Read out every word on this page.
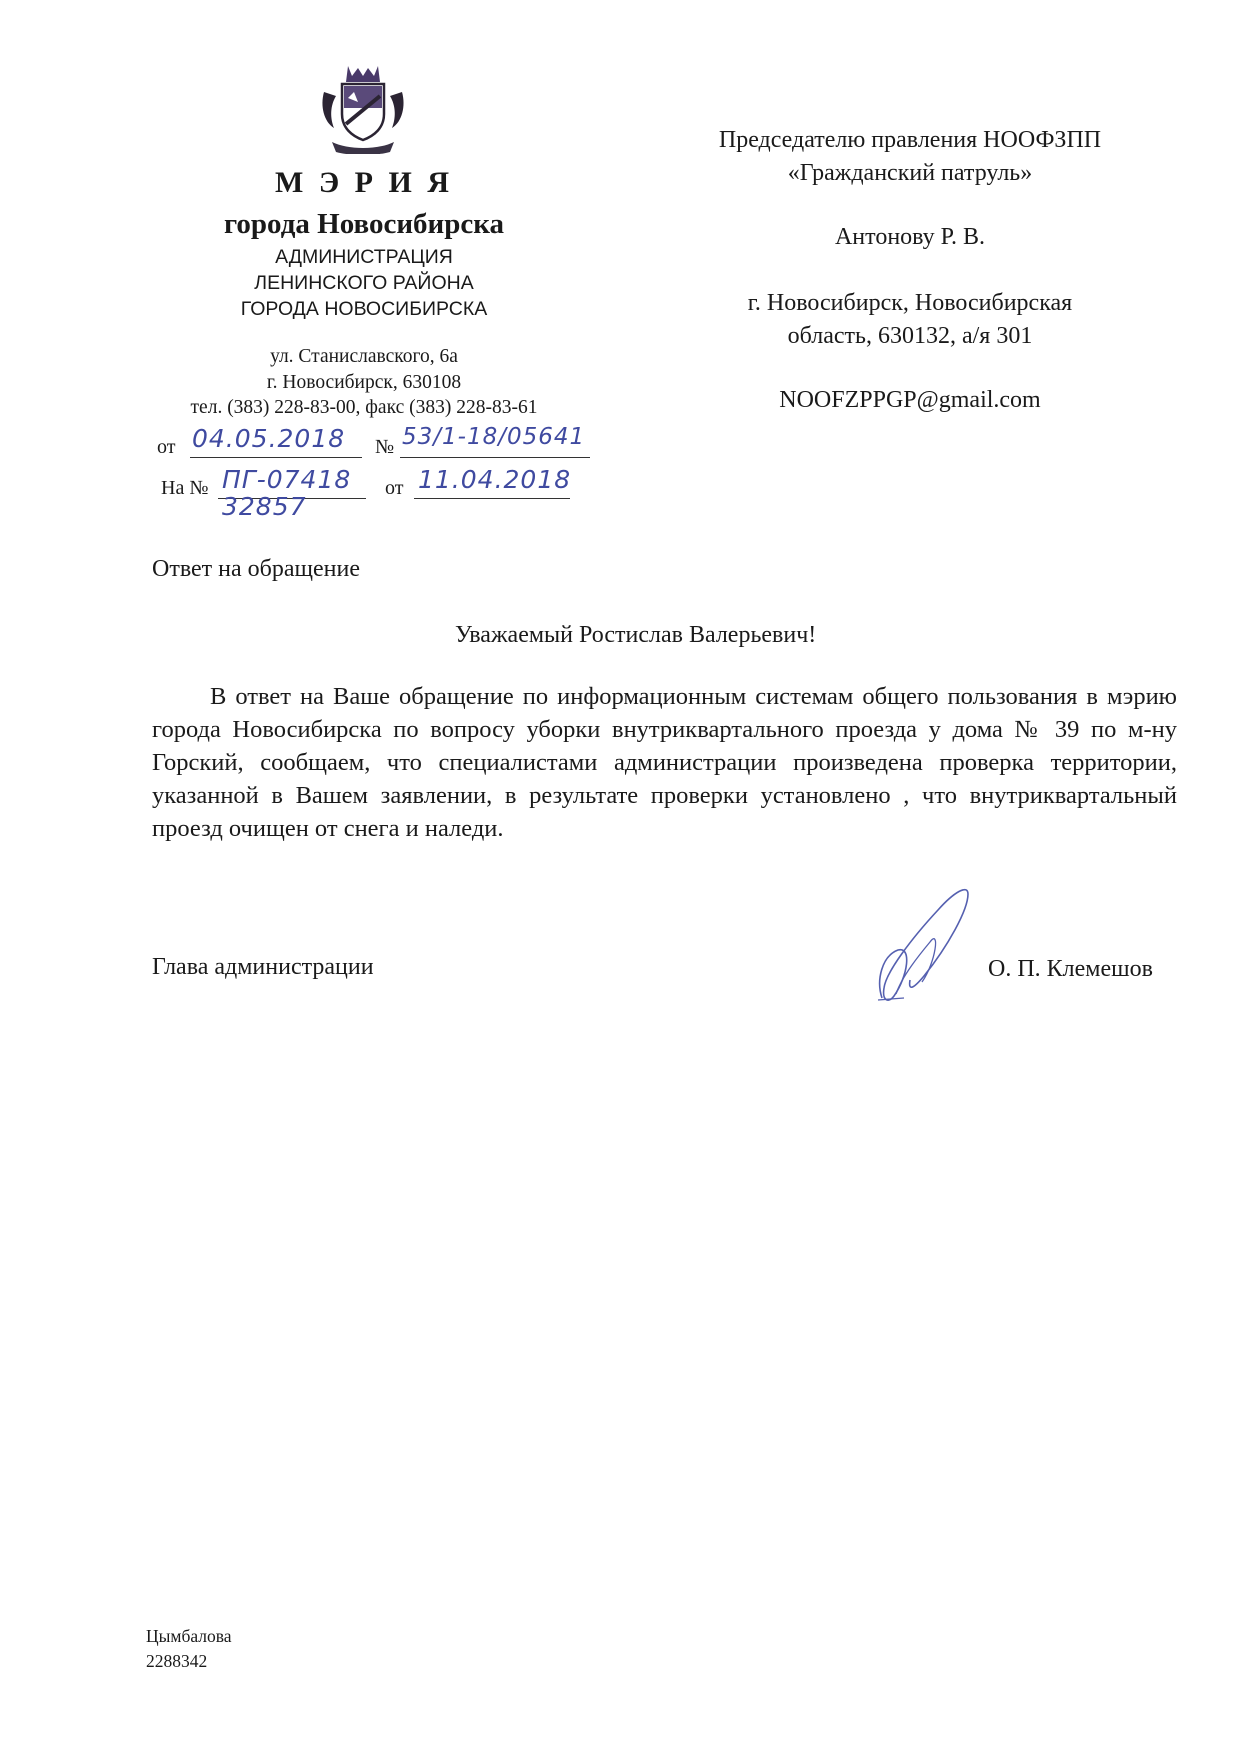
М Э Р И Я
города Новосибирска
АДМИНИСТРАЦИЯ
ЛЕНИНСКОГО РАЙОНА
ГОРОДА НОВОСИБИРСКА
ул. Станиславского, 6а
г. Новосибирск, 630108
тел. (383) 228-83-00, факс (383) 228-83-61
от 04.05.2018 № 53/1-18/05641
На № ПГ-07418
32857
от 11.04.2018
Председателю правления НООФЗПП
«Гражданский патруль»
Антонову Р. В.
г. Новосибирск, Новосибирская
область, 630132, а/я 301
NOOFZPPGP@gmail.com
Ответ на обращение
Уважаемый Ростислав Валерьевич!
В ответ на Ваше обращение по информационным системам общего пользования в мэрию города Новосибирска по вопросу уборки внутриквартального проезда у дома № 39 по м-ну Горский, сообщаем, что специалистами администрации произведена проверка территории, указанной в Вашем заявлении, в результате проверки установлено , что внутриквартальный проезд очищен от снега и наледи.
Глава администрации	О. П. Клемешов
Цымбалова
2288342
